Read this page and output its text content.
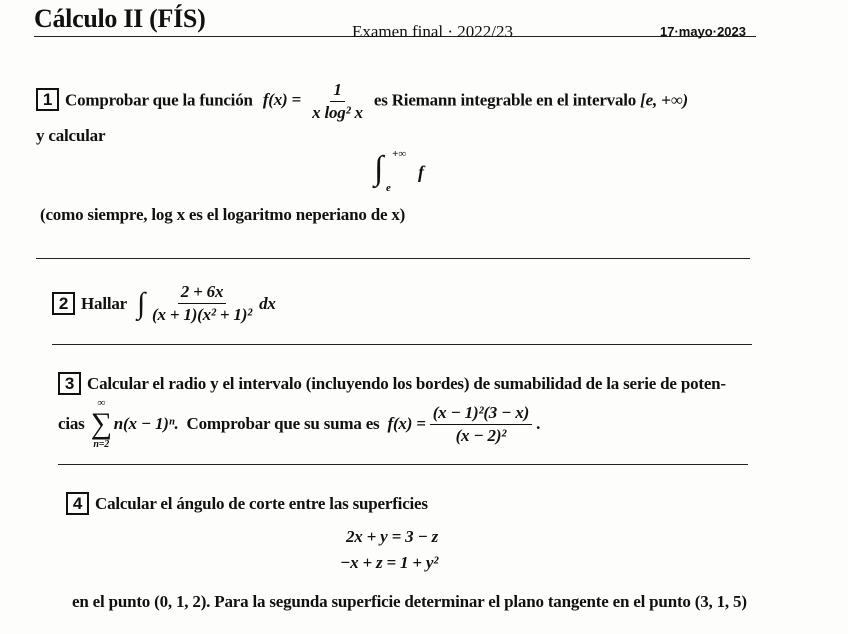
Cálculo II (FÍS)	Examen final · 2022/23	17·mayo·2023
1 Comprobar que la función $f(x) = \frac{1}{\text{x log² x}}$ es Riemann integrable en el intervalo [e, +∞)
y calcular
∫ +∞
e
f
(como siempre, log x es el logaritmo neperiano de x)
2 Hallar ∫ $\frac{2 + 6x}{\text{(x + 1)(x² + 1)²}}$ dx
3 Calcular el radio y el intervalo (incluyendo los bordes) de sumabilidad de la serie de poten-
cias
∞
∑
n=2
n(x − 1)ⁿ. Comprobar que su suma es $f(x) = \frac{\text{(x − 1)²(3 − x)}}{\text{(x − 2)²}}$ .
4 Calcular el ángulo de corte entre las superficies
2x + y = 3 − z
−x + z = 1 + y²
en el punto (0, 1, 2). Para la segunda superficie determinar el plano tangente en el punto (3, 1, 5)
